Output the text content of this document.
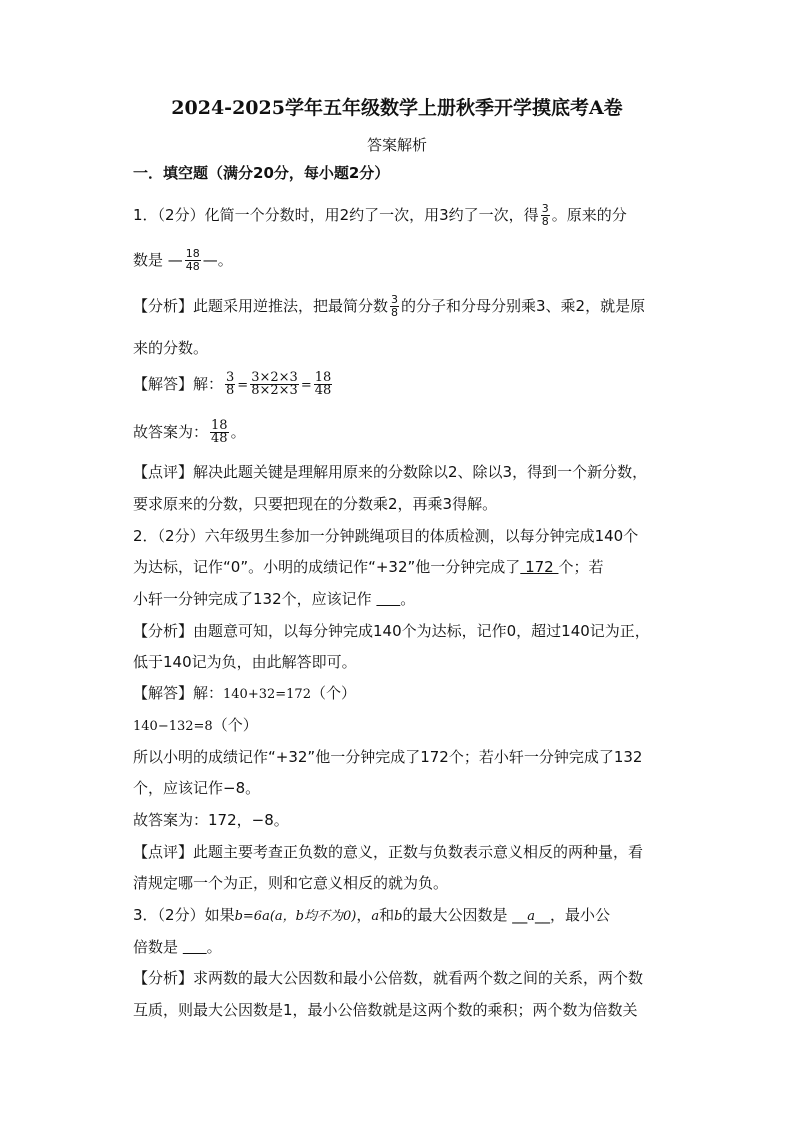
2024-2025学年五年级数学上册秋季开学摸底考A卷
答案解析
一．填空题（满分20分，每小题2分）
1．（2分）化简一个分数时，用2约了一次，用3约了一次，得 $\frac{3}{8}$ 。原来的分
数是 — $\frac{18}{48}$ —。
【分析】此题采用逆推法，把最简分数 $\frac{3}{8}$ 的分子和分母分别乘3、乘2，就是原
来的分数。
【解答】解： $\frac{3}{8} = \frac{3\times 2\times 3}{8\times 2\times 3} = \frac{18}{48}$
故答案为： $\frac{18}{48}$ 。
【点评】解决此题关键是理解用原来的分数除以2、除以3，得到一个新分数，
要求原来的分数，只要把现在的分数乘2，再乘3得解。
2．（2分）六年级男生参加一分钟跳绳项目的体质检测，以每分钟完成140个
为达标，记作“0”。小明的成绩记作“+32”他一分钟完成了 172 个；若
小轩一分钟完成了132个，应该记作 。
【分析】由题意可知，以每分钟完成140个为达标，记作0，超过140记为正，
低于140记为负，由此解答即可。
【解答】解：140+32=172（个）
140−132=8（个）
所以小明的成绩记作“+32”他一分钟完成了172个；若小轩一分钟完成了132
个，应该记作−8。
故答案为：172，−8。
【点评】此题主要考查正负数的意义，正数与负数表示意义相反的两种量，看
清规定哪一个为正，则和它意义相反的就为负。
3．（2分）如果b=6a(a，b均不为0)，a和b的最大公因数是 __a__，最小公
倍数是 。
【分析】求两数的最大公因数和最小公倍数，就看两个数之间的关系，两个数
互质，则最大公因数是1，最小公倍数就是这两个数的乘积；两个数为倍数关
